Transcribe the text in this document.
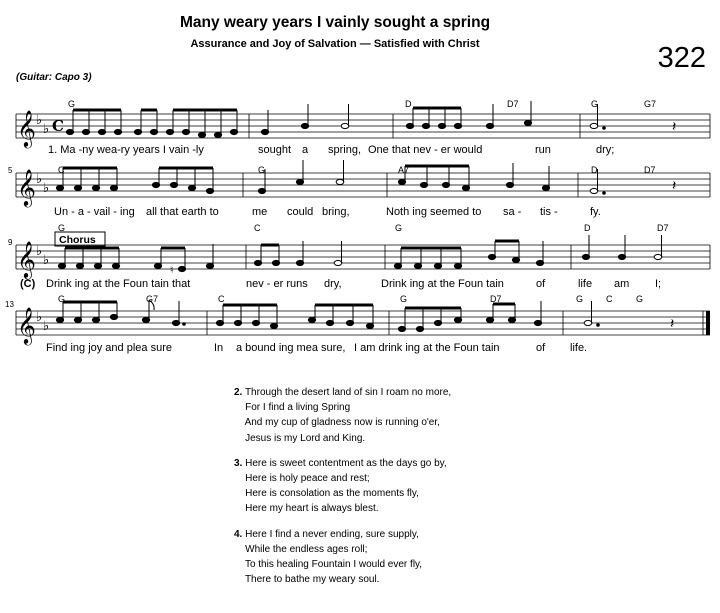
Many weary years I vainly sought a spring
Assurance and Joy of Salvation — Satisfied with Christ	322
(Guitar: Capo 3)
𝄞 ♭
♭ C	𝄽
G	D	D7	G	G7
1. Ma -ny wea-ry years I vain -ly	sought a spring, One that nev - er would	run	dry;
5 𝄞 ♭
♭	𝄽
C	G	A7	D	D7
Un - a - vail - ing all that earth to	me could bring,	Noth ing seemed to sa - tis -	fy.
9	Chorus
𝄞 ♭
♭
♮
G	C	G	D	D7
(C) Drink ing at the Foun tain that	nev - er runs dry,	Drink ing at the Foun tain	of	life am I;
13
𝄞 ♭
♭	𝄽
G	G7	C	G	D7	G	C	G
Find ing joy and plea sure	In a bound ing mea sure, I am drink ing at the Foun tain	of life.
2. Through the desert land of sin I roam no more,
For I find a living Spring
And my cup of gladness now is running o'er,
Jesus is my Lord and King.
3. Here is sweet contentment as the days go by,
Here is holy peace and rest;
Here is consolation as the moments fly,
Here my heart is always blest.
4. Here I find a never ending, sure supply,
While the endless ages roll;
To this healing Fountain I would ever fly,
There to bathe my weary soul.
